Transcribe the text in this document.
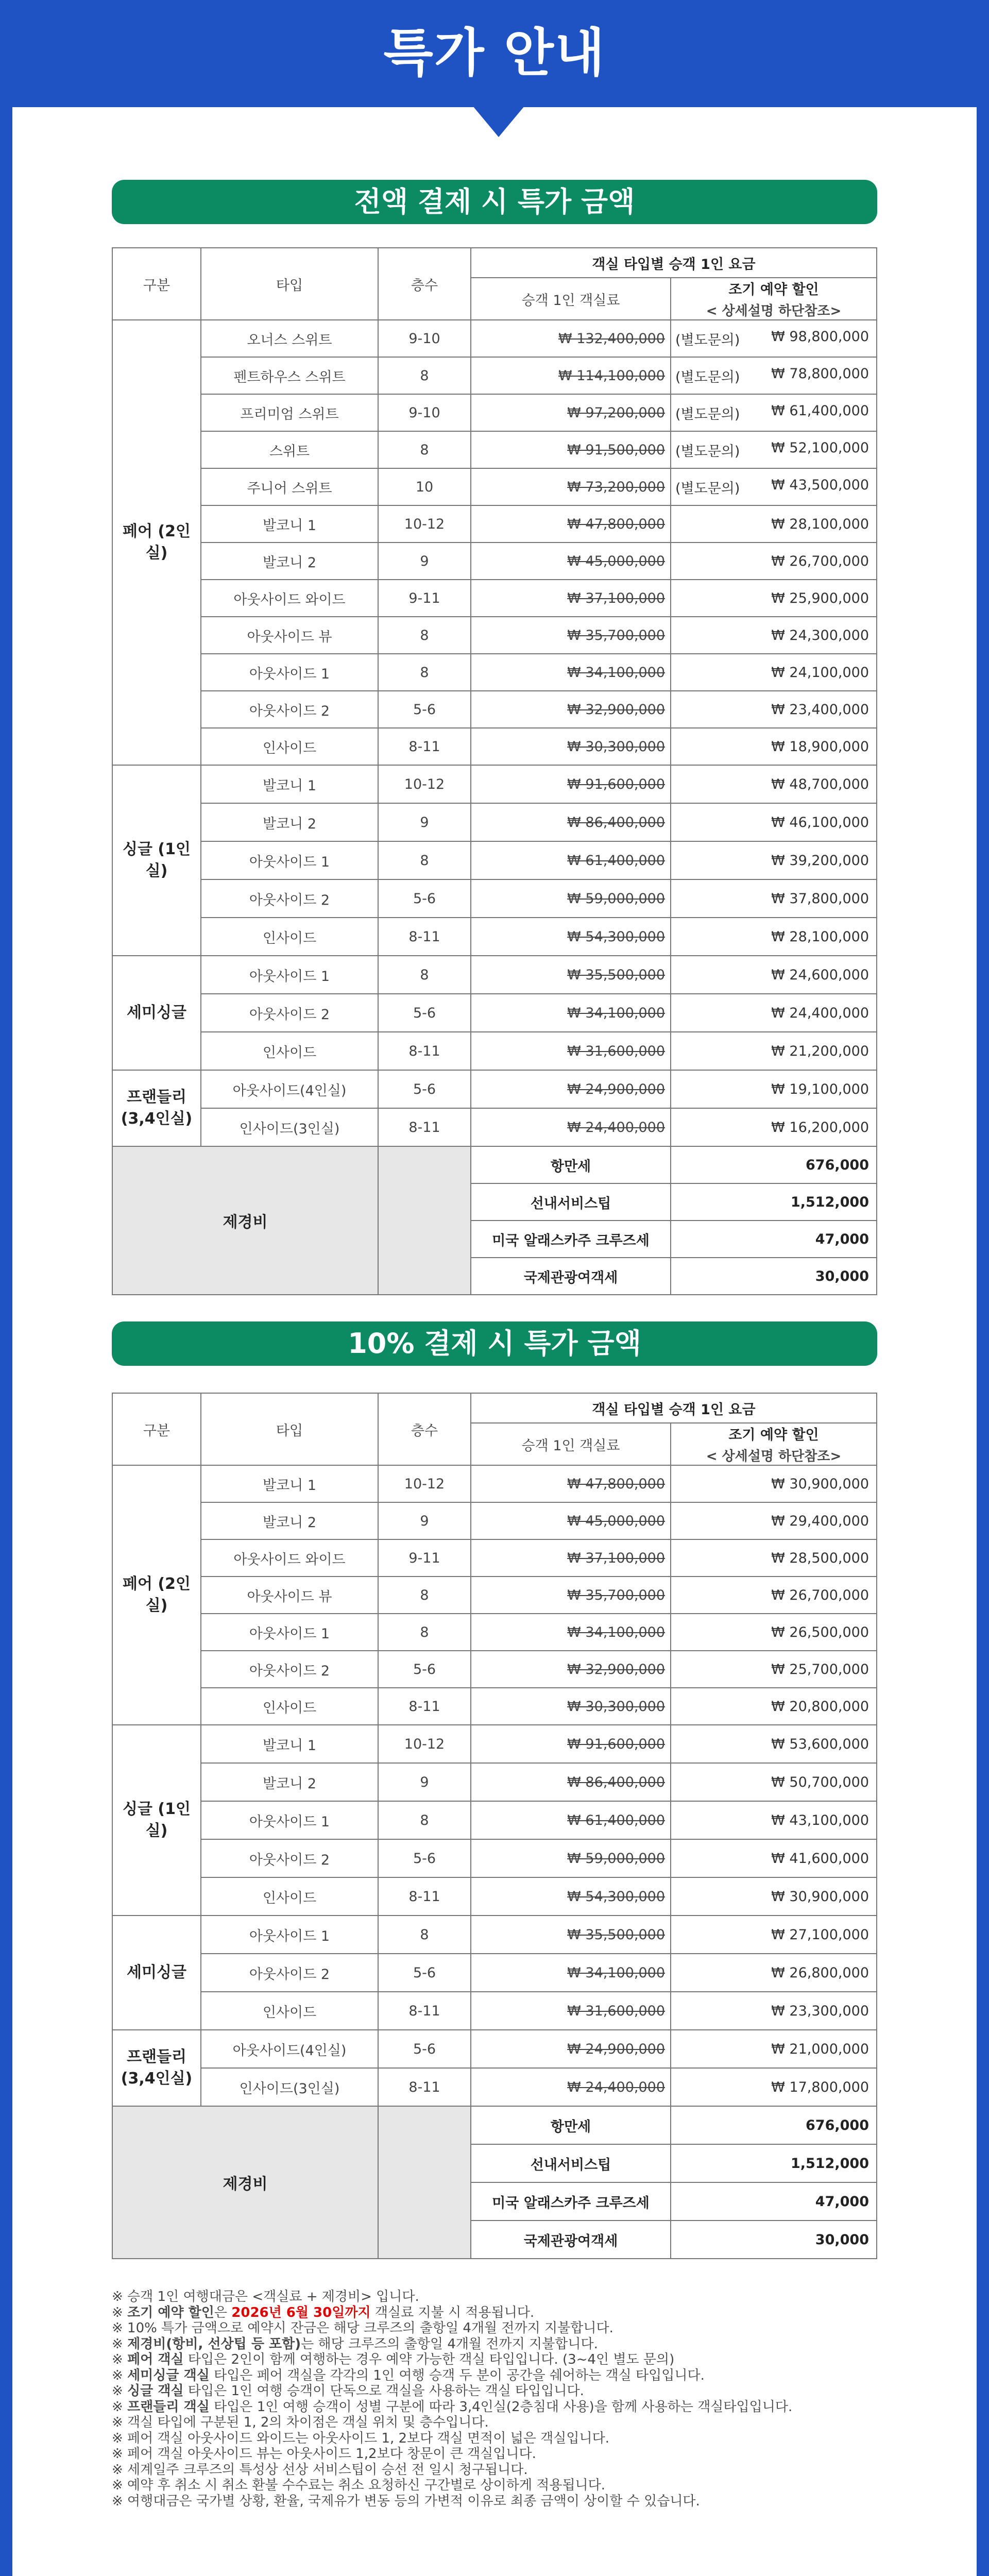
특가 안내
전액 결제 시 특가 금액
구분	타입	층수	객실 타입별 승객 1인 요금	
			승객 1인 객실료	조기 예약 할인
< 상세설명 하단참조>

페어 (2인실)	오너스 스위트	9-10	₩ 132,400,000	(별도문의) ₩ 98,800,000
	펜트하우스 스위트	8	₩ 114,100,000	(별도문의) ₩ 78,800,000
	프리미엄 스위트	9-10	₩ 97,200,000	(별도문의) ₩ 61,400,000
	스위트	8	₩ 91,500,000	(별도문의) ₩ 52,100,000
	주니어 스위트	10	₩ 73,200,000	(별도문의) ₩ 43,500,000
	발코니 1	10-12	₩ 47,800,000	₩ 28,100,000
	발코니 2	9	₩ 45,000,000	₩ 26,700,000
	아웃사이드 와이드	9-11	₩ 37,100,000	₩ 25,900,000
	아웃사이드 뷰	8	₩ 35,700,000	₩ 24,300,000
	아웃사이드 1	8	₩ 34,100,000	₩ 24,100,000
	아웃사이드 2	5-6	₩ 32,900,000	₩ 23,400,000
	인사이드	8-11	₩ 30,300,000	₩ 18,900,000
싱글 (1인실)	발코니 1	10-12	₩ 91,600,000	₩ 48,700,000
	발코니 2	9	₩ 86,400,000	₩ 46,100,000
	아웃사이드 1	8	₩ 61,400,000	₩ 39,200,000
	아웃사이드 2	5-6	₩ 59,000,000	₩ 37,800,000
	인사이드	8-11	₩ 54,300,000	₩ 28,100,000
세미싱글	아웃사이드 1	8	₩ 35,500,000	₩ 24,600,000
	아웃사이드 2	5-6	₩ 34,100,000	₩ 24,400,000
	인사이드	8-11	₩ 31,600,000	₩ 21,200,000
프랜들리 (3,4인실)	아웃사이드(4인실)	5-6	₩ 24,900,000	₩ 19,100,000
	인사이드(3인실)	8-11	₩ 24,400,000	₩ 16,200,000
제경비			항만세	676,000
			선내서비스팁	1,512,000
			미국 알래스카주 크루즈세	47,000
			국제관광여객세	30,000
10% 결제 시 특가 금액
구분	타입	층수	객실 타입별 승객 1인 요금	
			승객 1인 객실료	조기 예약 할인
< 상세설명 하단참조>

페어 (2인실)	발코니 1	10-12	₩ 47,800,000	₩ 30,900,000
	발코니 2	9	₩ 45,000,000	₩ 29,400,000
	아웃사이드 와이드	9-11	₩ 37,100,000	₩ 28,500,000
	아웃사이드 뷰	8	₩ 35,700,000	₩ 26,700,000
	아웃사이드 1	8	₩ 34,100,000	₩ 26,500,000
	아웃사이드 2	5-6	₩ 32,900,000	₩ 25,700,000
	인사이드	8-11	₩ 30,300,000	₩ 20,800,000
싱글 (1인실)	발코니 1	10-12	₩ 91,600,000	₩ 53,600,000
	발코니 2	9	₩ 86,400,000	₩ 50,700,000
	아웃사이드 1	8	₩ 61,400,000	₩ 43,100,000
	아웃사이드 2	5-6	₩ 59,000,000	₩ 41,600,000
	인사이드	8-11	₩ 54,300,000	₩ 30,900,000
세미싱글	아웃사이드 1	8	₩ 35,500,000	₩ 27,100,000
	아웃사이드 2	5-6	₩ 34,100,000	₩ 26,800,000
	인사이드	8-11	₩ 31,600,000	₩ 23,300,000
프랜들리 (3,4인실)	아웃사이드(4인실)	5-6	₩ 24,900,000	₩ 21,000,000
	인사이드(3인실)	8-11	₩ 24,400,000	₩ 17,800,000
제경비			항만세	676,000
			선내서비스팁	1,512,000
			미국 알래스카주 크루즈세	47,000
			국제관광여객세	30,000
※ 승객 1인 여행대금은 <객실료 + 제경비> 입니다.
※ 조기 예약 할인은 2026년 6월 30일까지 객실료 지불 시 적용됩니다.
※ 10% 특가 금액으로 예약시 잔금은 해당 크루즈의 출항일 4개월 전까지 지불합니다.
※ 제경비(항비, 선상팁 등 포함)는 해당 크루즈의 출항일 4개월 전까지 지불합니다.
※ 페어 객실 타입은 2인이 함께 여행하는 경우 예약 가능한 객실 타입입니다. (3~4인 별도 문의)
※ 세미싱글 객실 타입은 페어 객실을 각각의 1인 여행 승객 두 분이 공간을 쉐어하는 객실 타입입니다.
※ 싱글 객실 타입은 1인 여행 승객이 단독으로 객실을 사용하는 객실 타입입니다.
※ 프랜들리 객실 타입은 1인 여행 승객이 성별 구분에 따라 3,4인실(2층침대 사용)을 함께 사용하는 객실타입입니다.
※ 객실 타입에 구분된 1, 2의 차이점은 객실 위치 및 층수입니다.
※ 페어 객실 아웃사이드 와이드는 아웃사이드 1, 2보다 객실 면적이 넓은 객실입니다.
※ 페어 객실 아웃사이드 뷰는 아웃사이드 1,2보다 창문이 큰 객실입니다.
※ 세계일주 크루즈의 특성상 선상 서비스팁이 승선 전 일시 청구됩니다.
※ 예약 후 취소 시 취소 환불 수수료는 취소 요청하신 구간별로 상이하게 적용됩니다.
※ 여행대금은 국가별 상황, 환율, 국제유가 변동 등의 가변적 이유로 최종 금액이 상이할 수 있습니다.
